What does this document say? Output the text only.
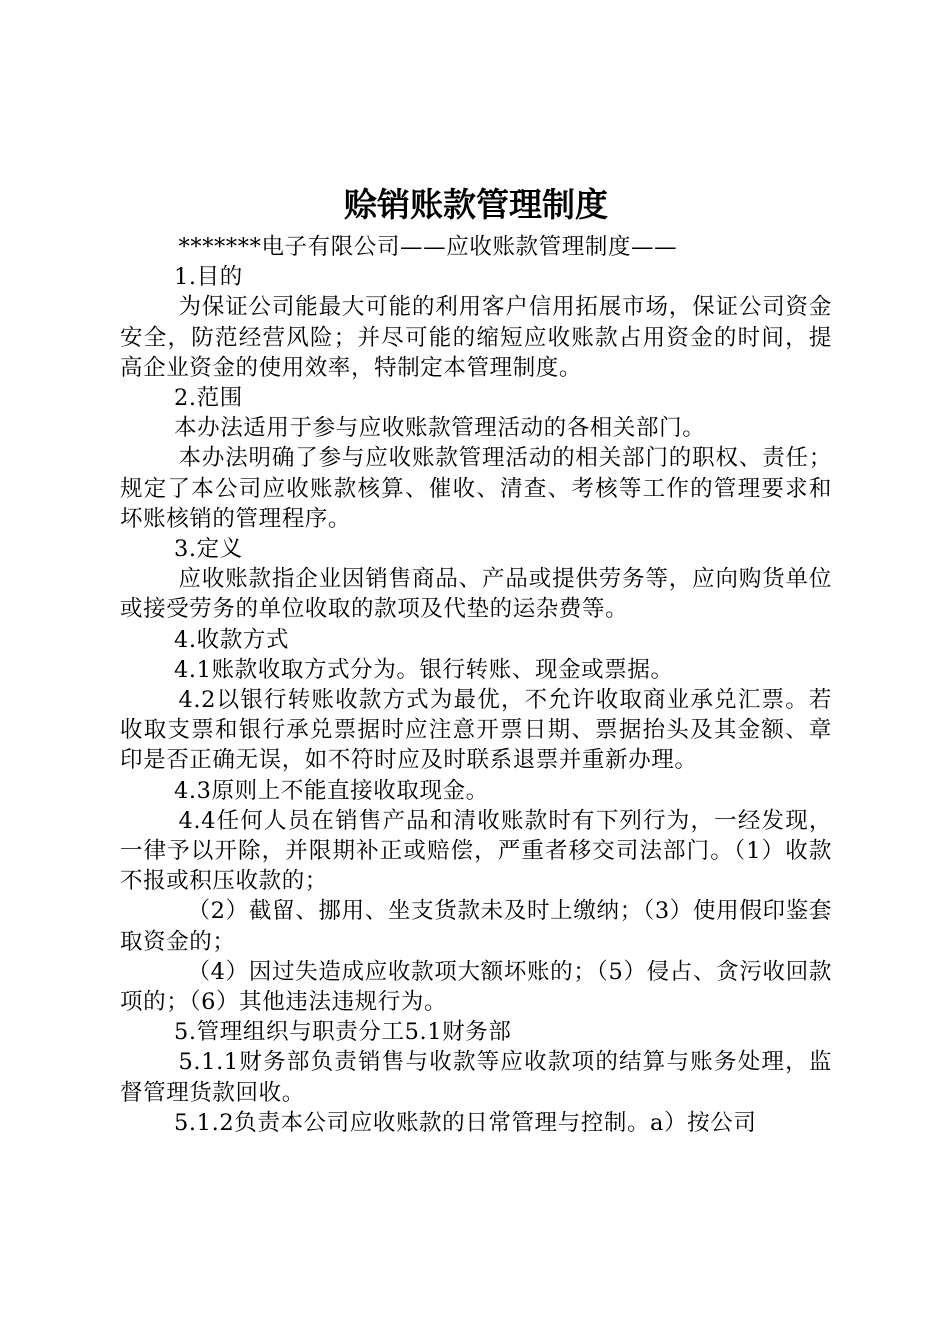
赊销账款管理制度

*******电子有限公司——应收账款管理制度——

1.目的

为保证公司能最大可能的利用客户信用拓展市场，保证公司资金安全，防范经营风险；并尽可能的缩短应收账款占用资金的时间，提高企业资金的使用效率，特制定本管理制度。

2.范围

本办法适用于参与应收账款管理活动的各相关部门。

本办法明确了参与应收账款管理活动的相关部门的职权、责任；规定了本公司应收账款核算、催收、清查、考核等工作的管理要求和坏账核销的管理程序。

3.定义

应收账款指企业因销售商品、产品或提供劳务等，应向购货单位或接受劳务的单位收取的款项及代垫的运杂费等。

4.收款方式

4.1账款收取方式分为。银行转账、现金或票据。

4.2以银行转账收款方式为最优，不允许收取商业承兑汇票。若收取支票和银行承兑票据时应注意开票日期、票据抬头及其金额、章印是否正确无误，如不符时应及时联系退票并重新办理。

4.3原则上不能直接收取现金。

4.4任何人员在销售产品和清收账款时有下列行为，一经发现，一律予以开除，并限期补正或赔偿，严重者移交司法部门。（1）收款不报或积压收款的；

（2）截留、挪用、坐支货款未及时上缴纳；（3）使用假印鉴套取资金的；

（4）因过失造成应收款项大额坏账的；（5）侵占、贪污收回款项的；（6）其他违法违规行为。

5.管理组织与职责分工5.1财务部

5.1.1财务部负责销售与收款等应收款项的结算与账务处理，监督管理货款回收。

5.1.2负责本公司应收账款的日常管理与控制。a）按公司
